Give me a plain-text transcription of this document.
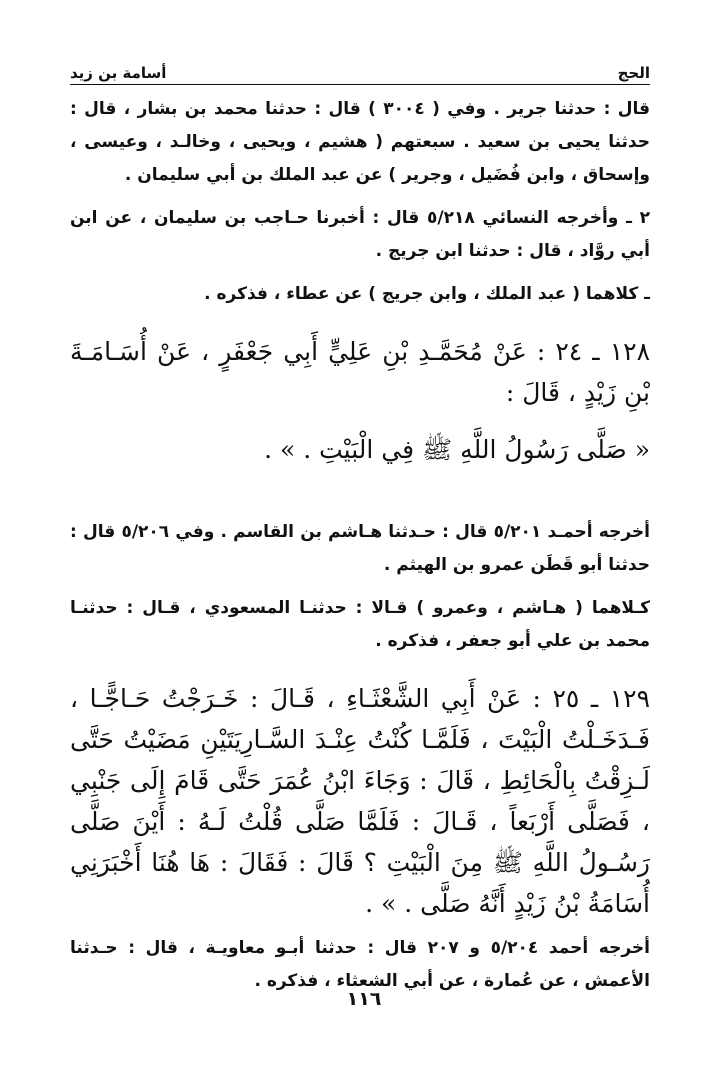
الحج
أسامة بن زيد

قال : حدثنا جرير . وفي ( ٣٠٠٤ ) قال : حدثنا محمد بن بشار ، قال : حدثنا يحيى بن سعيد . سبعتهم ( هشيم ، ويحيى ، وخالـد ، وعيسى ، وإسحاق ، وابن فُضَيل ، وجرير ) عن عبد الملك بن أبي سليمان .

٢ ـ وأخرجه النسائي ٥/٢١٨ قال : أخبرنا حـاجب بن سليمان ، عن ابن أبي روَّاد ، قال : حدثنا ابن جريج .

ـ كلاهما ( عبد الملك ، وابن جريج ) عن عطاء ، فذكره .

١٢٨ ـ ٢٤ : عَنْ مُحَمَّـدِ بْنِ عَلِيٍّ أَبِي جَعْفَرٍ ، عَنْ أُسَـامَـةَ بْنِ زَيْدٍ ، قَالَ :

« صَلَّى رَسُولُ اللَّهِ ﷺ فِي الْبَيْتِ . » .

أخرجه أحمـد ٥/٢٠١ قال : حـدثنا هـاشم بن القاسم . وفي ٥/٢٠٦ قال : حدثنا أبو قَطَن عمرو بن الهيثم .

كـلاهما ( هـاشم ، وعمرو ) قـالا : حدثنـا المسعودي ، قـال : حدثنـا محمد بن علي أبو جعفر ، فذكره .

١٢٩ ـ ٢٥ : عَنْ أَبِي الشَّعْثَـاءِ ، قَـالَ : خَـرَجْتُ حَـاجًّـا ، فَـدَخَـلْتُ الْبَيْتَ ، فَلَمَّـا كُنْتُ عِنْـدَ السَّـارِيَتَيْنِ مَضَيْتُ حَتَّى لَـزِقْتُ بِالْحَائِطِ ، قَالَ : وَجَاءَ ابْنُ عُمَرَ حَتَّى قَامَ إِلَى جَنْبِي ، فَصَلَّى أَرْبَعاً ، قَـالَ : فَلَمَّا صَلَّى قُلْتُ لَـهُ : أَيْنَ صَلَّى رَسُـولُ اللَّهِ ﷺ مِنَ الْبَيْتِ ؟ قَالَ : فَقَالَ : هَا هُنَا أَخْبَرَنِي أُسَامَةُ بْنُ زَيْدٍ أَنَّهُ صَلَّى . » .

أخرجه أحمد ٥/٢٠٤ و ٢٠٧ قال : حدثنا أبـو معاويـة ، قال : حـدثنا الأعمش ، عن عُمارة ، عن أبي الشعثاء ، فذكره .

١١٦
